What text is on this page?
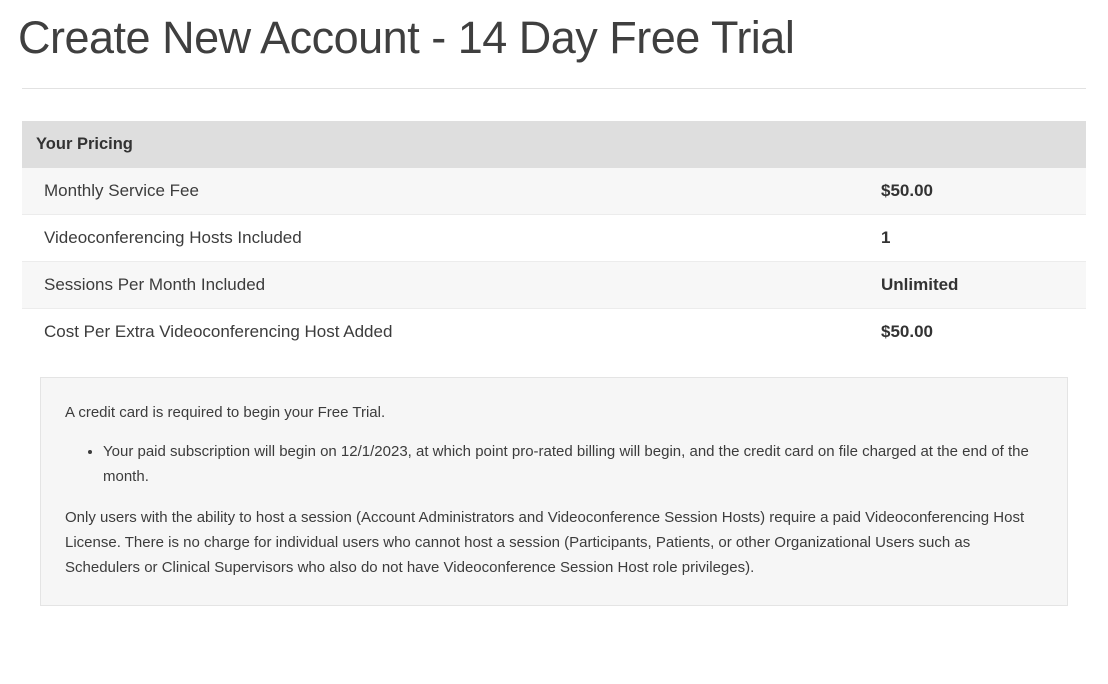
Create New Account - 14 Day Free Trial
Your Pricing
Monthly Service Fee	$50.00
Videoconferencing Hosts Included	1
Sessions Per Month Included	Unlimited
Cost Per Extra Videoconferencing Host Added	$50.00

A credit card is required to begin your Free Trial.

• Your paid subscription will begin on 12/1/2023, at which point pro-rated billing will begin, and the credit card on file charged at the end of the month.

Only users with the ability to host a session (Account Administrators and Videoconference Session Hosts) require a paid Videoconferencing Host License. There is no charge for individual users who cannot host a session (Participants, Patients, or other Organizational Users such as Schedulers or Clinical Supervisors who also do not have Videoconference Session Host role privileges).
